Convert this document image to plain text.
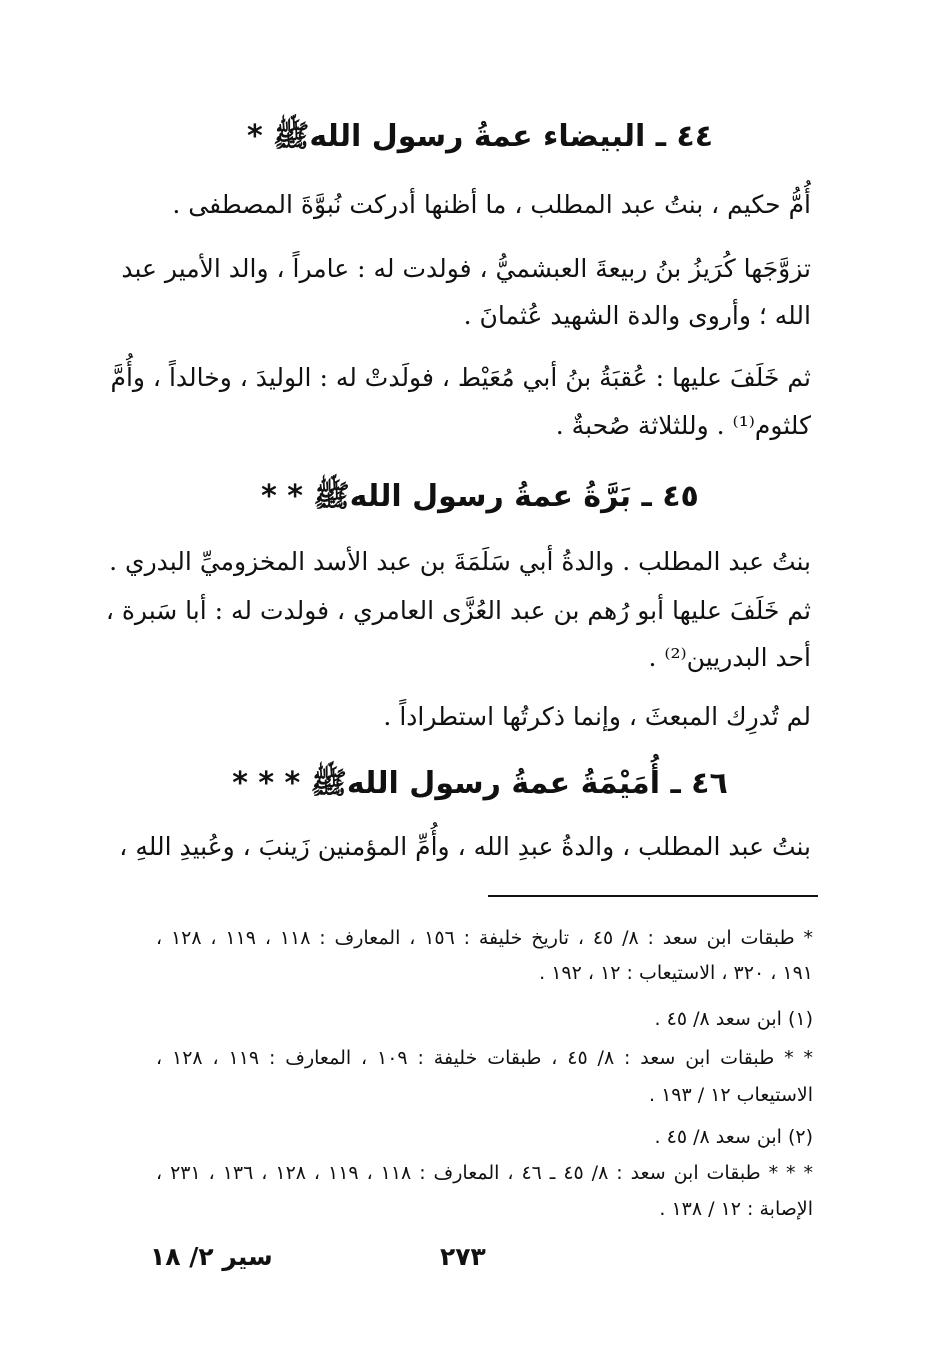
٤٤ ـ البيضاء عمةُ رسول اللهﷺ *
أُمُّ حكيم ، بنتُ عبد المطلب ، ما أظنها أدركت نُبوَّةَ المصطفى .
تزوَّجَها كُرَيزُ بنُ ربيعةَ العبشميُّ ، فولدت له : عامراً ، والد الأمير عبد
الله ؛ وأروى والدة الشهيد عُثمانَ .
ثم خَلَفَ عليها : عُقبَةُ بنُ أبي مُعَيْط ، فولَدتْ له : الوليدَ ، وخالداً ، وأُمَّ
كلثوم⁽¹⁾ . وللثلاثة صُحبةٌ .
٤٥ ـ بَرَّةُ عمةُ رسول اللهﷺ * *
بنتُ عبد المطلب . والدةُ أبي سَلَمَةَ بن عبد الأسد المخزوميِّ البدري .
ثم خَلَفَ عليها أبو رُهم بن عبد العُزَّى العامري ، فولدت له : أبا سَبرة ،
أحد البدريين⁽²⁾ .
لم تُدرِك المبعثَ ، وإنما ذكرتُها استطراداً .
٤٦ ـ أُمَيْمَةُ عمةُ رسول اللهﷺ * * *
بنتُ عبد المطلب ، والدةُ عبدِ الله ، وأُمِّ المؤمنين زَينبَ ، وعُبيدِ اللهِ ،
* طبقات ابن سعد : ٨/ ٤٥ ، تاريخ خليفة : ١٥٦ ، المعارف : ١١٨ ، ١١٩ ، ١٢٨ ،
١٩١ ، ٣٢٠ ، الاستيعاب : ١٢ ، ١٩٢ .
(١) ابن سعد ٨/ ٤٥ .
* * طبقات ابن سعد : ٨/ ٤٥ ، طبقات خليفة : ١٠٩ ، المعارف : ١١٩ ، ١٢٨ ،
الاستيعاب ١٢ / ١٩٣ .
(٢) ابن سعد ٨/ ٤٥ .
* * * طبقات ابن سعد : ٨/ ٤٥ ـ ٤٦ ، المعارف : ١١٨ ، ١١٩ ، ١٢٨ ، ١٣٦ ، ٢٣١ ،
الإصابة : ١٢ / ١٣٨ .
٢٧٣
سير ٢/ ١٨
